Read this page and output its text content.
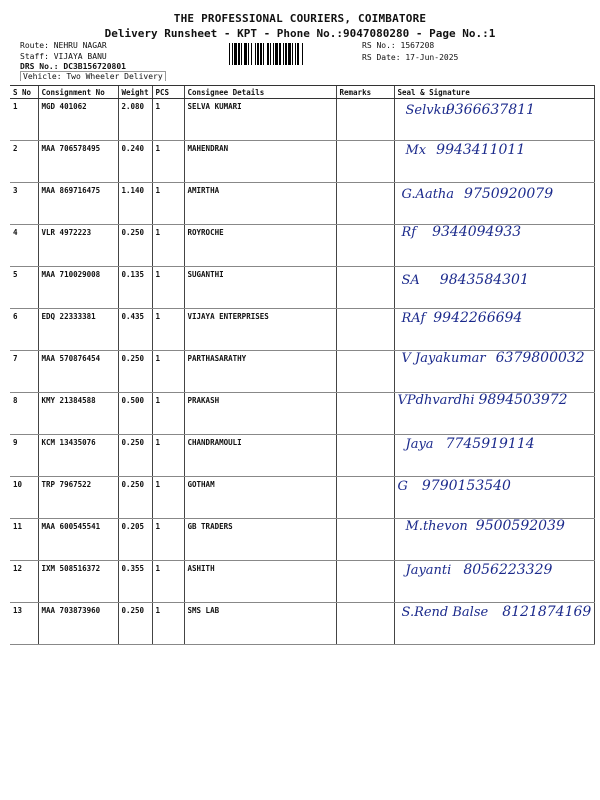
THE PROFESSIONAL COURIERS, COIMBATORE
Delivery Runsheet - KPT - Phone No.:9047080280 - Page No.:1
Route: NEHRU NAGAR
Staff: VIJAYA BANU
DRS No.: DC3B156720801
Vehicle: Two Wheeler Delivery
RS No.: 1567208
RS Date: 17-Jun-2025
S No	Consignment No	Weight	PCS	Consignee Details	Remarks	Seal & Signature
1	MGD 401062	2.080	1	SELVA KUMARI		Selvku9366637811

2	MAA 706578495	0.240	1	MAHENDRAN		Mx 9943411011

3	MAA 869716475	1.140	1	AMIRTHA		G.Aatha 9750920079

4	VLR 4972223	0.250	1	ROYROCHE		Rf 9344094933

5	MAA 710029008	0.135	1	SUGANTHI		SA 9843584301

6	EDQ 22333381	0.435	1	VIJAYA ENTERPRISES		RAf 9942266694

7	MAA 570876454	0.250	1	PARTHASARATHY		V Jayakumar 6379800032

8	KMY 21384588	0.500	1	PRAKASH		VPdhvardhi 9894503972

9	KCM 13435076	0.250	1	CHANDRAMOULI		Jaya 7745919114

10	TRP 7967522	0.250	1	GOTHAM		G 9790153540

11	MAA 600545541	0.205	1	GB TRADERS		M.thevon 9500592039

12	IXM 508516372	0.355	1	ASHITH		Jayanti 8056223329

13	MAA 703873960	0.250	1	SMS LAB		S.Rend Balse 8121874169
